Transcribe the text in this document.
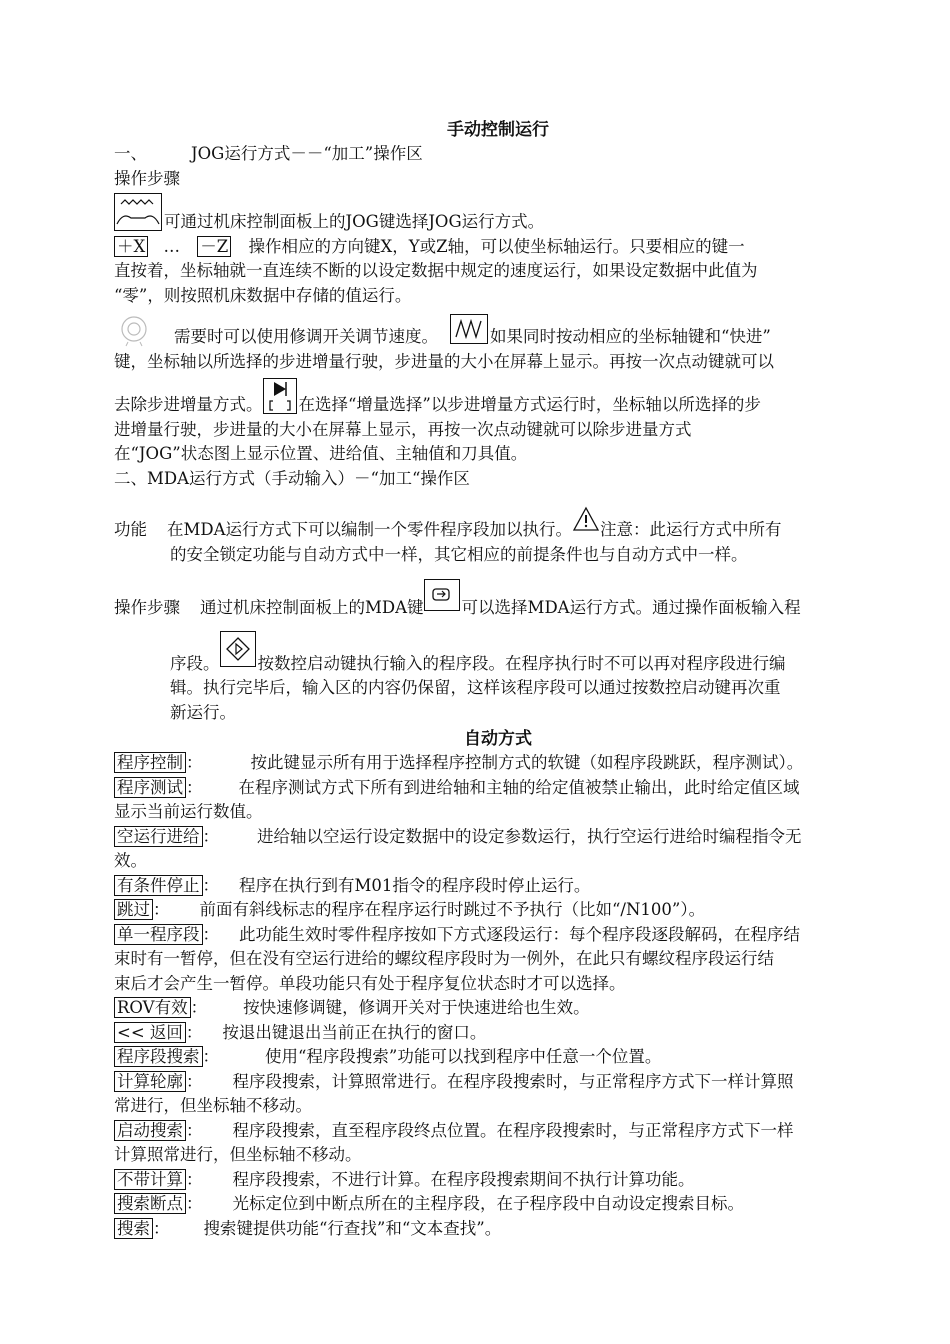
手动控制运行

一、	JOG运行方式－－“加工”操作区

操作步骤

可通过机床控制面板上的JOG键选择JOG运行方式。

＋X … －Z 操作相应的方向键X，Y或Z轴，可以使坐标轴运行。只要相应的键一

直按着，坐标轴就一直连续不断的以设定数据中规定的速度运行，如果设定数据中此值为

“零”，则按照机床数据中存储的值运行。

需要时可以使用修调开关调节速度。	如果同时按动相应的坐标轴键和“快进”

键，坐标轴以所选择的步进增量行驶，步进量的大小在屏幕上显示。再按一次点动键就可以

去除步进增量方式。 在选择“增量选择”以步进增量方式运行时，坐标轴以所选择的步

进增量行驶，步进量的大小在屏幕上显示，再按一次点动键就可以除步进量方式

在“JOG”状态图上显示位置、进给值、主轴值和刀具值。

二、MDA运行方式（手动输入）－“加工“操作区

功能 在MDA运行方式下可以编制一个零件程序段加以执行。 注意：此运行方式中所有

的安全锁定功能与自动方式中一样，其它相应的前提条件也与自动方式中一样。

操作步骤 通过机床控制面板上的MDA键 可以选择MDA运行方式。通过操作面板输入程

序段。 按数控启动键执行输入的程序段。在程序执行时不可以再对程序段进行编

辑。执行完毕后，输入区的内容仍保留，这样该程序段可以通过按数控启动键再次重

新运行。

自动方式

程序控制 ：	按此键显示所有用于选择程序控制方式的软键（如程序段跳跃，程序测试）。

程序测试 ： 在程序测试方式下所有到进给轴和主轴的给定值被禁止输出，此时给定值区域

显示当前运行数值。

空运行进给 ： 进给轴以空运行设定数据中的设定参数运行，执行空运行进给时编程指令无

效。

有条件停止 ： 程序在执行到有M01指令的程序段时停止运行。

跳过 ： 前面有斜线标志的程序在程序运行时跳过不予执行（比如“/N100”）。

单一程序段 ： 此功能生效时零件程序按如下方式逐段运行：每个程序段逐段解码，在程序结

束时有一暂停，但在没有空运行进给的螺纹程序段时为一例外，在此只有螺纹程序段运行结

束后才会产生一暂停。单段功能只有处于程序复位状态时才可以选择。

ROV有效 ： 按快速修调键，修调开关对于快速进给也生效。

<< 返回 ： 按退出键退出当前正在执行的窗口。

程序段搜索 ：	使用“程序段搜索”功能可以找到程序中任意一个位置。

计算轮廓 ： 程序段搜索，计算照常进行。在程序段搜索时，与正常程序方式下一样计算照

常进行，但坐标轴不移动。

启动搜索 ： 程序段搜索，直至程序段终点位置。在程序段搜索时，与正常程序方式下一样

计算照常进行，但坐标轴不移动。

不带计算 ： 程序段搜索，不进行计算。在程序段搜索期间不执行计算功能。

搜索断点 ： 光标定位到中断点所在的主程序段，在子程序段中自动设定搜索目标。

搜索 ： 搜索键提供功能“行查找”和“文本查找”。
